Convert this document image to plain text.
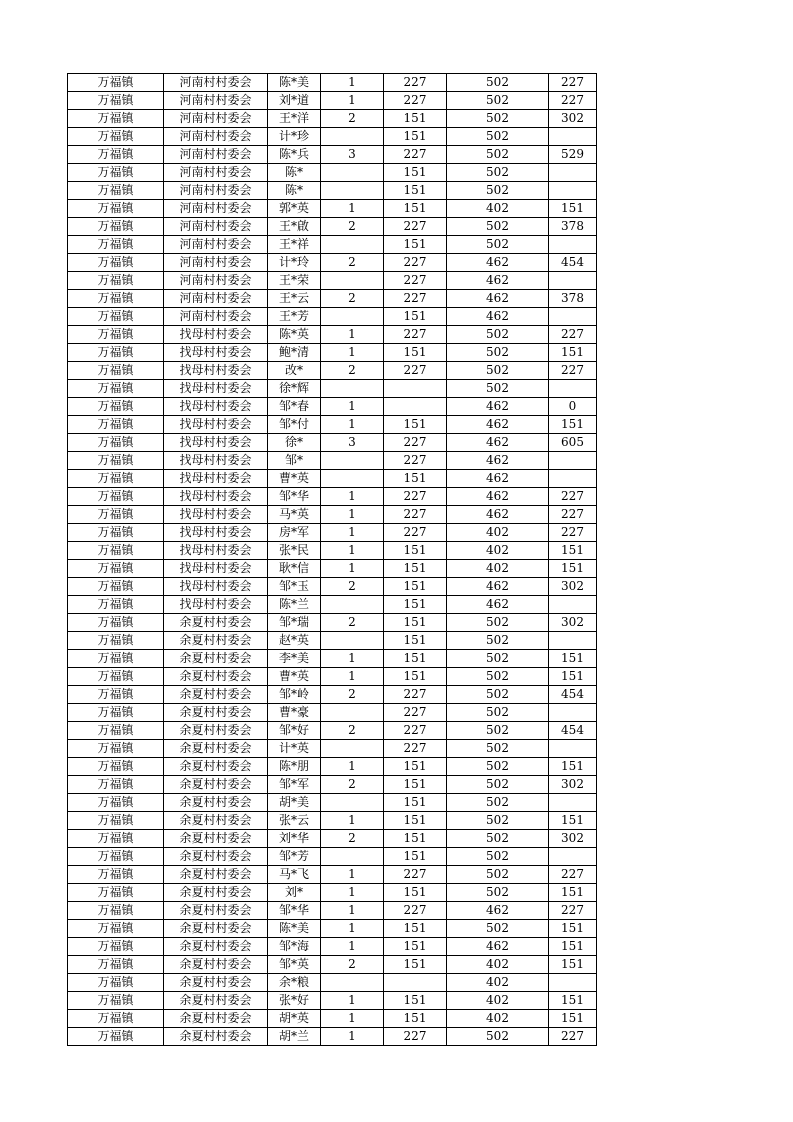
万福镇	河南村村委会	陈*美	1	227	502	227
万福镇	河南村村委会	刘*道	1	227	502	227
万福镇	河南村村委会	王*洋	2	151	502	302
万福镇	河南村村委会	计*珍		151	502	
万福镇	河南村村委会	陈*兵	3	227	502	529
万福镇	河南村村委会	陈*		151	502	
万福镇	河南村村委会	陈*		151	502	
万福镇	河南村村委会	郭*英	1	151	402	151
万福镇	河南村村委会	王*啟	2	227	502	378
万福镇	河南村村委会	王*祥		151	502	
万福镇	河南村村委会	计*玲	2	227	462	454
万福镇	河南村村委会	王*荣		227	462	
万福镇	河南村村委会	王*云	2	227	462	378
万福镇	河南村村委会	王*芳		151	462	
万福镇	找母村村委会	陈*英	1	227	502	227
万福镇	找母村村委会	鲍*清	1	151	502	151
万福镇	找母村村委会	改*	2	227	502	227
万福镇	找母村村委会	徐*辉			502	
万福镇	找母村村委会	邹*春	1		462	0
万福镇	找母村村委会	邹*付	1	151	462	151
万福镇	找母村村委会	徐*	3	227	462	605
万福镇	找母村村委会	邹*		227	462	
万福镇	找母村村委会	曹*英		151	462	
万福镇	找母村村委会	邹*华	1	227	462	227
万福镇	找母村村委会	马*英	1	227	462	227
万福镇	找母村村委会	房*军	1	227	402	227
万福镇	找母村村委会	张*民	1	151	402	151
万福镇	找母村村委会	耿*信	1	151	402	151
万福镇	找母村村委会	邹*玉	2	151	462	302
万福镇	找母村村委会	陈*兰		151	462	
万福镇	余夏村村委会	邹*瑞	2	151	502	302
万福镇	余夏村村委会	赵*英		151	502	
万福镇	余夏村村委会	李*美	1	151	502	151
万福镇	余夏村村委会	曹*英	1	151	502	151
万福镇	余夏村村委会	邹*岭	2	227	502	454
万福镇	余夏村村委会	曹*豪		227	502	
万福镇	余夏村村委会	邹*好	2	227	502	454
万福镇	余夏村村委会	计*英		227	502	
万福镇	余夏村村委会	陈*朋	1	151	502	151
万福镇	余夏村村委会	邹*军	2	151	502	302
万福镇	余夏村村委会	胡*美		151	502	
万福镇	余夏村村委会	张*云	1	151	502	151
万福镇	余夏村村委会	刘*华	2	151	502	302
万福镇	余夏村村委会	邹*芳		151	502	
万福镇	余夏村村委会	马*飞	1	227	502	227
万福镇	余夏村村委会	刘*	1	151	502	151
万福镇	余夏村村委会	邹*华	1	227	462	227
万福镇	余夏村村委会	陈*美	1	151	502	151
万福镇	余夏村村委会	邹*海	1	151	462	151
万福镇	余夏村村委会	邹*英	2	151	402	151
万福镇	余夏村村委会	余*粮			402	
万福镇	余夏村村委会	张*好	1	151	402	151
万福镇	余夏村村委会	胡*英	1	151	402	151
万福镇	余夏村村委会	胡*兰	1	227	502	227
